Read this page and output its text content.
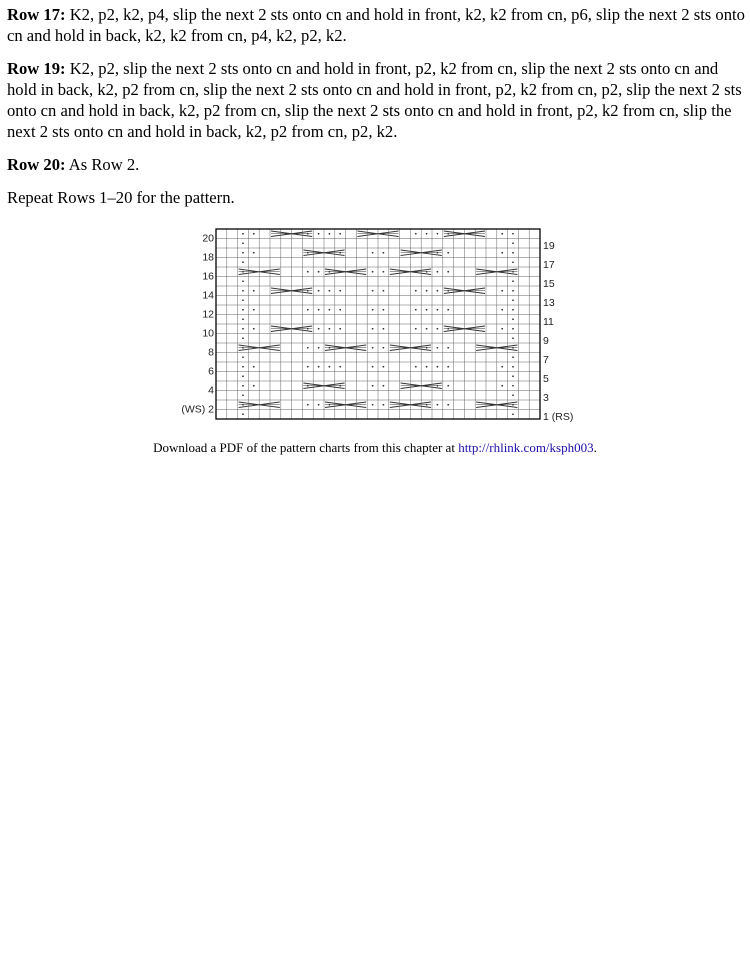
Row 17: K2, p2, k2, p4, slip the next 2 sts onto cn and hold in front, k2, k2 from cn, p6, slip the next 2 sts onto cn and hold in back, k2, k2 from cn, p4, k2, p2, k2.

Row 19: K2, p2, slip the next 2 sts onto cn and hold in front, p2, k2 from cn, slip the next 2 sts onto cn and hold in back, k2, p2 from cn, slip the next 2 sts onto cn and hold in front, p2, k2 from cn, p2, slip the next 2 sts onto cn and hold in back, k2, p2 from cn, slip the next 2 sts onto cn and hold in front, p2, k2 from cn, slip the next 2 sts onto cn and hold in back, k2, p2 from cn, p2, k2.

Row 20: As Row 2.

Repeat Rows 1–20 for the pattern.

20
18
16
14
12
10
8
6
4
(WS) 2
19
17
15
13
11
9
7
5
3
1 (RS)
Download a PDF of the pattern charts from this chapter at http://rhlink.com/ksph003.
